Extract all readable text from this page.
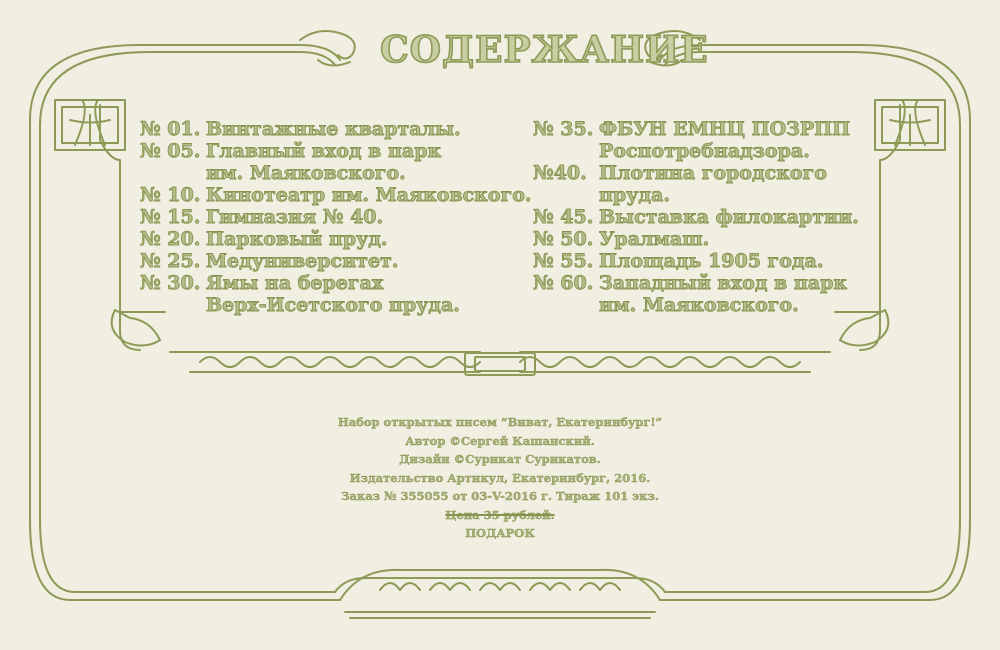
СОДЕРЖАНИЕ
№ 01. Винтажные кварталы.
№ 05. Главный вход в парк
им. Маяковского.
№ 10. Кинотеатр им. Маяковского.
№ 15. Гимназия № 40.
№ 20. Парковый пруд.
№ 25. Медуниверситет.
№ 30. Ямы на берегах
Верх-Исетского пруда.
№ 35. ФБУН ЕМНЦ ПОЗРПП
Роспотребнадзора.
№40. Плотина городского
пруда.
№ 45. Выставка филокартии.
№ 50. Уралмаш.
№ 55. Площадь 1905 года.
№ 60. Западный вход в парк
им. Маяковского.
Набор открытых писем “Виват, Екатеринбург!”
Автор ©Сергей Кашанский.
Дизайн ©Сурикат Сурикатов.
Издательство Артикул, Екатеринбург, 2016.
Заказ № 355055 от 03-V-2016 г. Тираж 101 экз.
Цена 35 рублей.
ПОДАРОК
